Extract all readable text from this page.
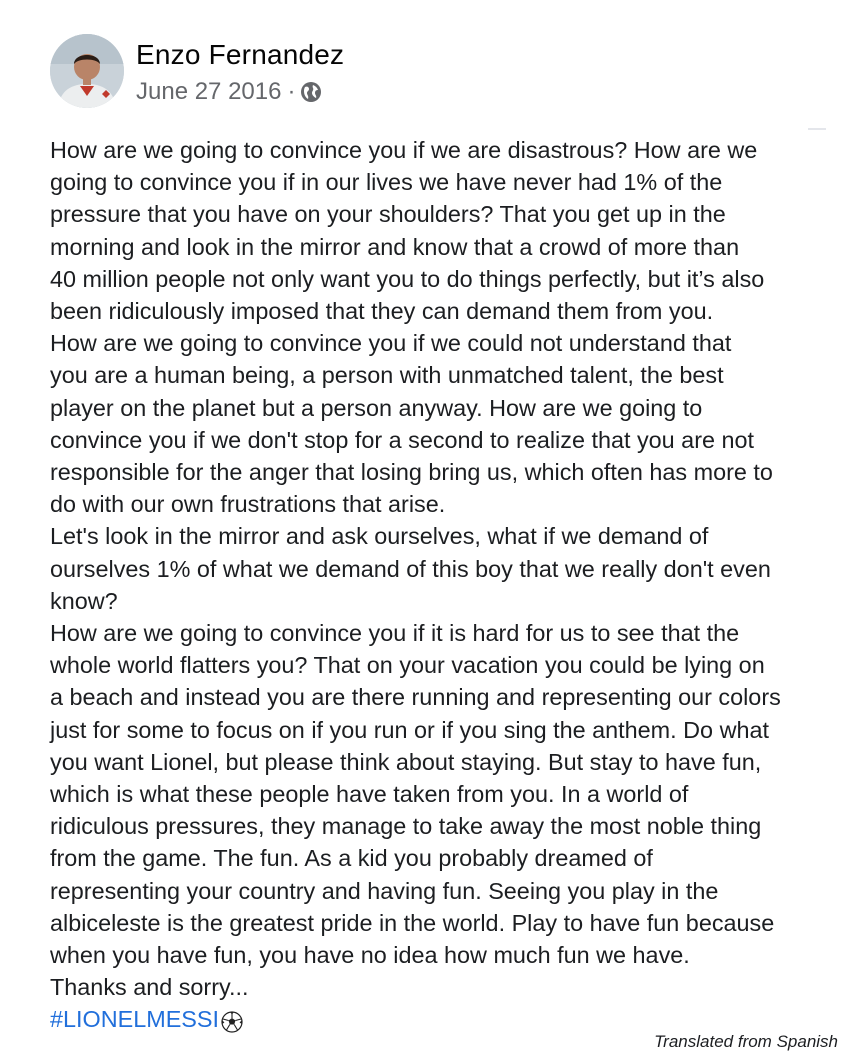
Enzo Fernandez
June 27 2016 ·

How are we going to convince you if we are disastrous? How are we
going to convince you if in our lives we have never had 1% of the
pressure that you have on your shoulders? That you get up in the
morning and look in the mirror and know that a crowd of more than
40 million people not only want you to do things perfectly, but it’s also
been ridiculously imposed that they can demand them from you.

How are we going to convince you if we could not understand that
you are a human being, a person with unmatched talent, the best
player on the planet but a person anyway. How are we going to
convince you if we don't stop for a second to realize that you are not
responsible for the anger that losing bring us, which often has more to
do with our own frustrations that arise.

Let's look in the mirror and ask ourselves, what if we demand of
ourselves 1% of what we demand of this boy that we really don't even
know?

How are we going to convince you if it is hard for us to see that the
whole world flatters you? That on your vacation you could be lying on
a beach and instead you are there running and representing our colors
just for some to focus on if you run or if you sing the anthem. Do what
you want Lionel, but please think about staying. But stay to have fun,
which is what these people have taken from you. In a world of
ridiculous pressures, they manage to take away the most noble thing
from the game. The fun. As a kid you probably dreamed of
representing your country and having fun. Seeing you play in the
albiceleste is the greatest pride in the world. Play to have fun because
when you have fun, you have no idea how much fun we have.

Thanks and sorry...

#LIONELMESSI
Translated from Spanish
